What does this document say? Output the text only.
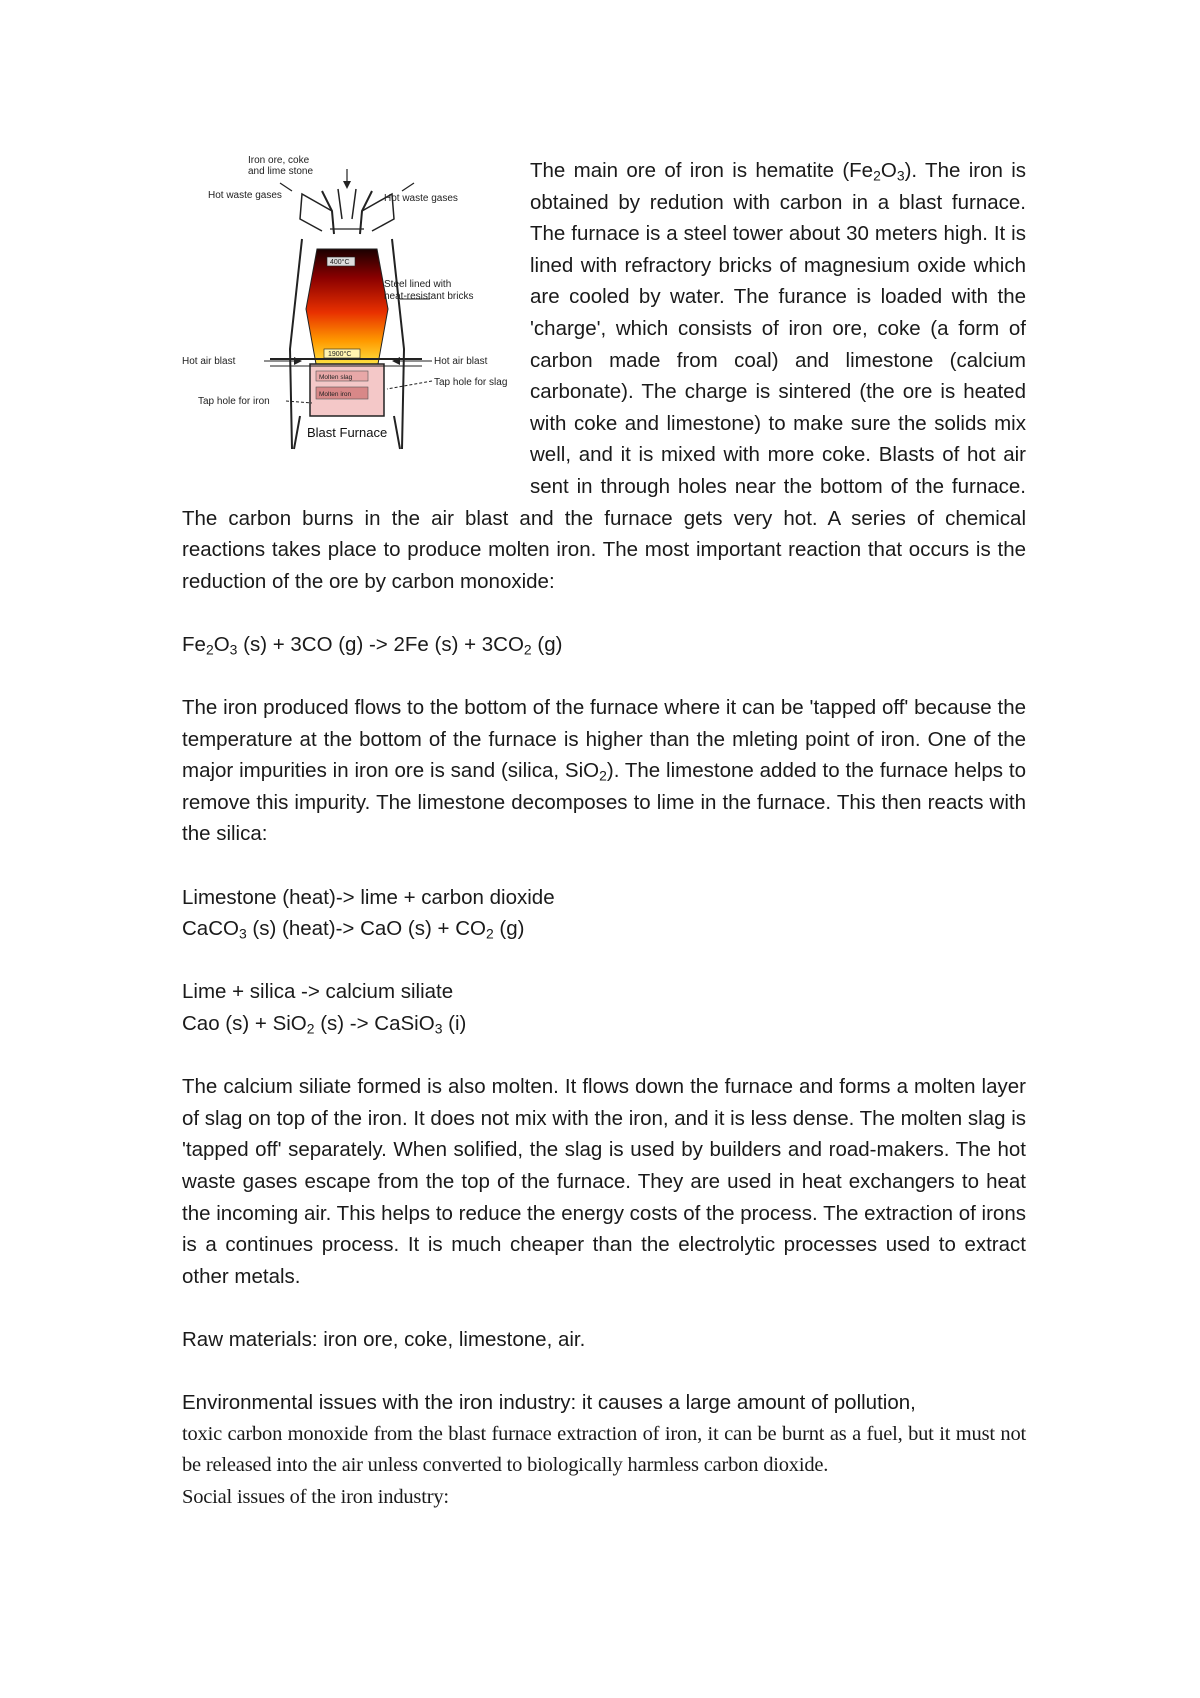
Iron ore, coke
and lime stone
Hot waste gases	Hot waste gases
Steel lined with
heat-resistant bricks
400°C
1900°C
Hot air blast	Hot air blast
Molten slag
Molten iron
Tap hole for slag
Tap hole for iron
Blast Furnace

The main ore of iron is hematite $(Fe_2O_3)$. The iron is obtained by redution with carbon in a blast furnace. The furnace is a steel tower about 30 meters high. It is lined with refractory bricks of magnesium oxide which are cooled by water. The furance is loaded with the 'charge', which consists of iron ore, coke (a form of carbon made from coal) and limestone (calcium carbonate). The charge is sintered (the ore is heated with coke and limestone) to make sure the solids mix well, and it is mixed with more coke. Blasts of hot air sent in through holes near the bottom of the furnace. The carbon burns in the air blast and the furnace gets very hot. A series of chemical reactions takes place to produce molten iron. The most important reaction that occurs is the reduction of the ore by carbon monoxide:

$Fe_2O_3$ (s) + 3CO (g) -> 2Fe $(s) + 3CO_2$ (g)

The iron produced flows to the bottom of the furnace where it can be 'tapped off' because the temperature at the bottom of the furnace is higher than the mleting point of iron. One of the major impurities in iron ore is sand (silica, SiO$_2$). The limestone added to the furnace helps to remove this impurity. The limestone decomposes to lime in the furnace. This then reacts with the silica:

Limestone (heat)-> lime + carbon dioxide

CaCO$_3$ (s) (heat)-> CaO $(s) + CO_2$ (g)

Lime + silica -> calcium siliate

Cao (s) + SiO$_2$ (s) -> CaSiO$_3$ (i)

The calcium siliate formed is also molten. It flows down the furnace and forms a molten layer of slag on top of the iron. It does not mix with the iron, and it is less dense. The molten slag is 'tapped off' separately. When solified, the slag is used by builders and road-makers. The hot waste gases escape from the top of the furnace. They are used in heat exchangers to heat the incoming air. This helps to reduce the energy costs of the process. The extraction of irons is a continues process. It is much cheaper than the electrolytic processes used to extract other metals.

Raw materials: iron ore, coke, limestone, air.

Environmental issues with the iron industry: it causes a large amount of pollution,

toxic carbon monoxide from the blast furnace extraction of iron, it can be burnt as a fuel, but it must not be released into the air unless converted to biologically harmless carbon dioxide.

Social issues of the iron industry:
